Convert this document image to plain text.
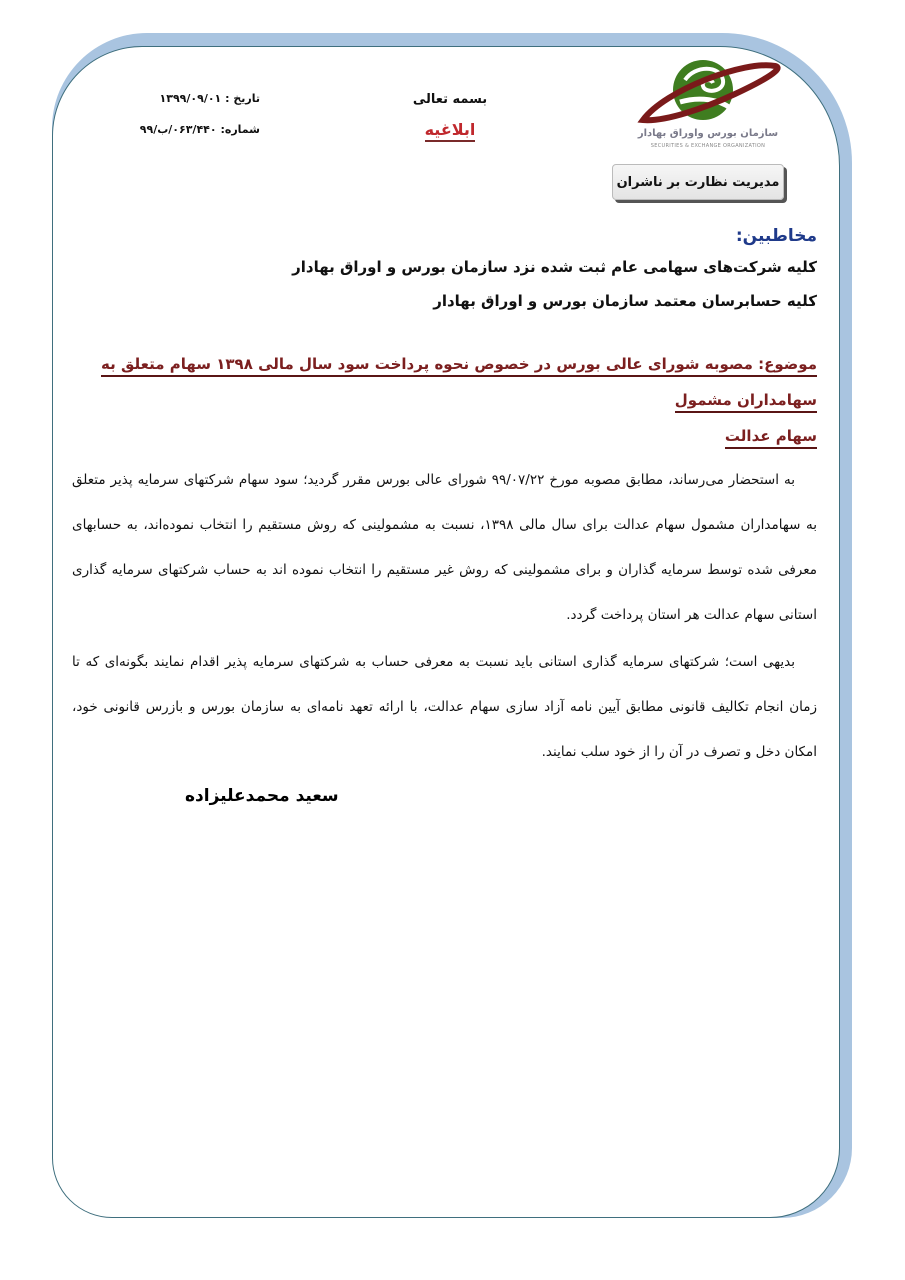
سازمان بورس واوراق بهادار
SECURITIES & EXCHANGE ORGANIZATION
مدیریت نظارت بر ناشران
بسمه تعالی
ابلاغیه
تاریخ : ۱۳۹۹/۰۹/۰۱
شماره: ۰۶۳/۴۴۰/ب/۹۹
مخاطبین:
کلیه شرکت‌های سهامی عام ثبت شده نزد سازمان بورس و اوراق بهادار
کلیه حسابرسان معتمد سازمان بورس و اوراق بهادار
موضوع: مصوبه شورای عالی بورس در خصوص نحوه پرداخت سود سال مالی ۱۳۹۸ سهام متعلق به سهامداران مشمول
سهام عدالت
به استحضار می‌رساند، مطابق مصوبه مورخ ۹۹/۰۷/۲۲ شورای عالی بورس مقرر گردید؛ سود سهام شرکتهای سرمایه پذیر متعلق به سهامداران مشمول سهام عدالت برای سال مالی ۱۳۹۸، نسبت به مشمولینی که روش مستقیم را انتخاب نموده‌اند، به حسابهای معرفی شده توسط سرمایه گذاران و برای مشمولینی که روش غیر مستقیم را انتخاب نموده اند به حساب شرکتهای سرمایه گذاری استانی سهام عدالت هر استان پرداخت گردد.
بدیهی است؛ شرکتهای سرمایه گذاری استانی باید نسبت به معرفی حساب به شرکتهای سرمایه پذیر اقدام نمایند بگونه‌ای که تا زمان انجام تکالیف قانونی مطابق آیین نامه آزاد سازی سهام عدالت، با ارائه تعهد نامه‌ای به سازمان بورس و بازرس قانونی خود، امکان دخل و تصرف در آن را از خود سلب نمایند.
سعید محمدعلیزاده
